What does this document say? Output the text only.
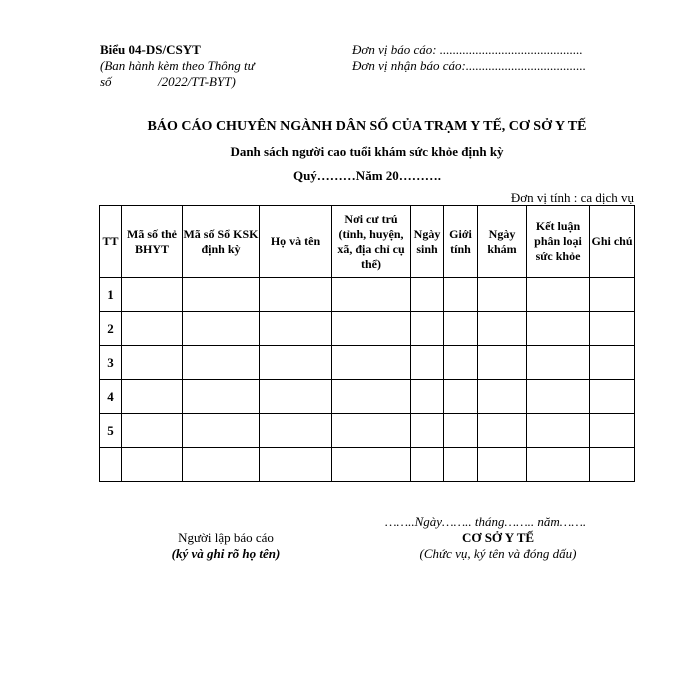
Biểu 04-DS/CSYT
(Ban hành kèm theo Thông tư
số	/2022/TT-BYT)
Đơn vị báo cáo: ............................................
Đơn vị nhận báo cáo:.....................................
BÁO CÁO CHUYÊN NGÀNH DÂN SỐ CỦA TRẠM Y TẾ, CƠ SỞ Y TẾ
Danh sách người cao tuổi khám sức khỏe định kỳ
Quý………Năm 20……….
Đơn vị tính : ca dịch vụ
TT	Mã số thẻ BHYT	Mã số Sổ KSK định kỳ	Họ và tên	Nơi cư trú (tỉnh, huyện, xã, địa chỉ cụ thể)	Ngày sinh	Giới tính	Ngày khám	Kết luận phân loại sức khỏe	Ghi chú
1									
2									
3									
4									
5									

……..Ngày…….. tháng…….. năm…….
Người lập báo cáo
(ký và ghi rõ họ tên)
CƠ SỞ Y TẾ
(Chức vụ, ký tên và đóng dấu)
